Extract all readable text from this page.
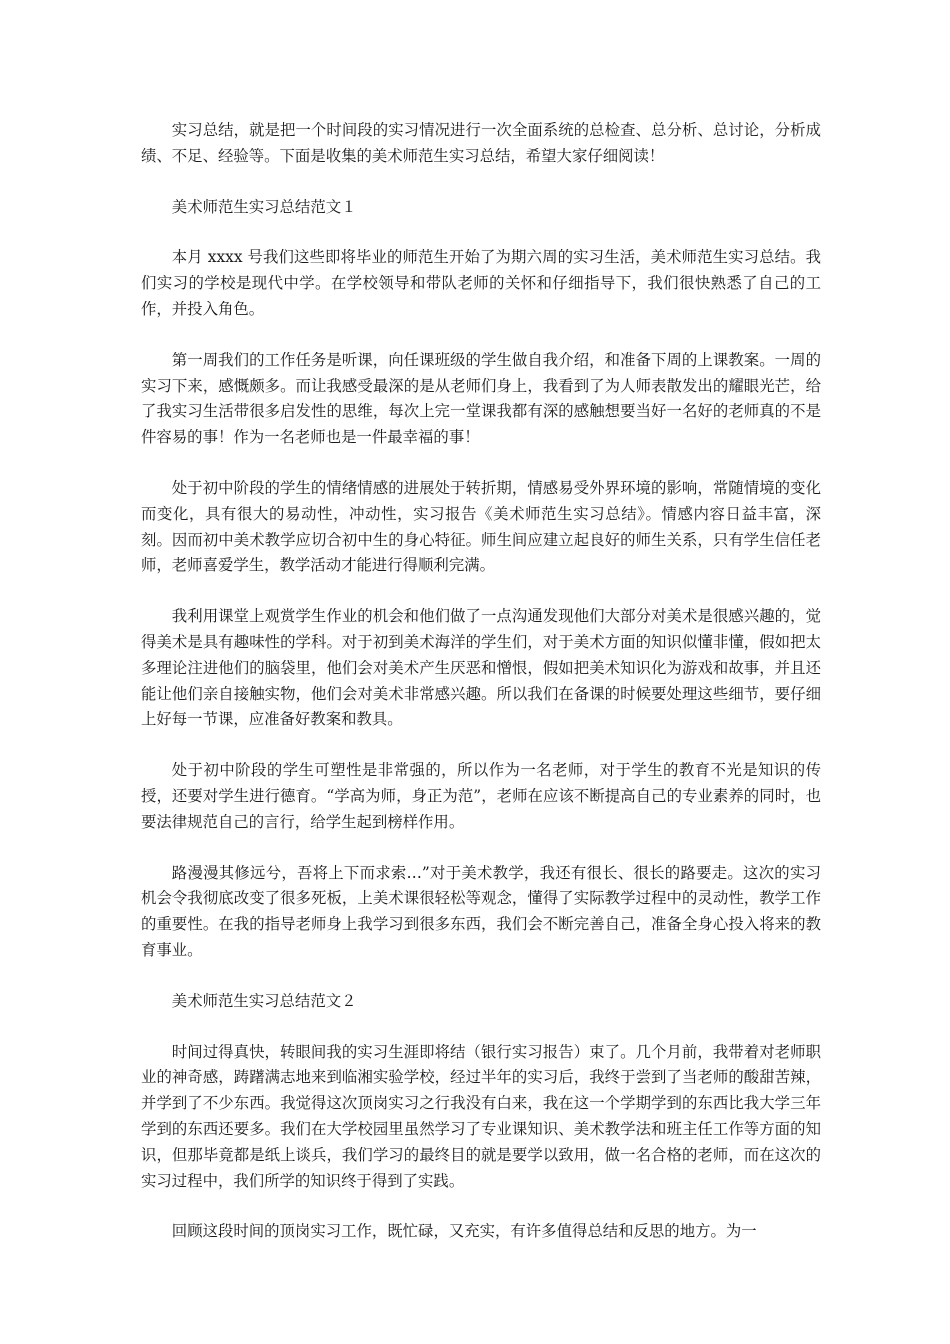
实习总结，就是把一个时间段的实习情况进行一次全面系统的总检查、总分析、总讨论，分析成绩、不足、经验等。下面是收集的美术师范生实习总结，希望大家仔细阅读！

美术师范生实习总结范文１

本月 xxxx 号我们这些即将毕业的师范生开始了为期六周的实习生活，美术师范生实习总结。我们实习的学校是现代中学。在学校领导和带队老师的关怀和仔细指导下，我们很快熟悉了自己的工作，并投入角色。

第一周我们的工作任务是听课，向任课班级的学生做自我介绍，和准备下周的上课教案。一周的实习下来，感慨颇多。而让我感受最深的是从老师们身上，我看到了为人师表散发出的耀眼光芒，给了我实习生活带很多启发性的思维，每次上完一堂课我都有深的感触想要当好一名好的老师真的不是件容易的事！作为一名老师也是一件最幸福的事！

处于初中阶段的学生的情绪情感的进展处于转折期，情感易受外界环境的影响，常随情境的变化而变化，具有很大的易动性，冲动性，实习报告《美术师范生实习总结》。情感内容日益丰富，深刻。因而初中美术教学应切合初中生的身心特征。师生间应建立起良好的师生关系，只有学生信任老师，老师喜爱学生，教学活动才能进行得顺利完满。

我利用课堂上观赏学生作业的机会和他们做了一点沟通发现他们大部分对美术是很感兴趣的，觉得美术是具有趣味性的学科。对于初到美术海洋的学生们，对于美术方面的知识似懂非懂，假如把太多理论注进他们的脑袋里，他们会对美术产生厌恶和憎恨，假如把美术知识化为游戏和故事，并且还能让他们亲自接触实物，他们会对美术非常感兴趣。所以我们在备课的时候要处理这些细节，要仔细上好每一节课，应准备好教案和教具。

处于初中阶段的学生可塑性是非常强的，所以作为一名老师，对于学生的教育不光是知识的传授，还要对学生进行德育。“学高为师，身正为范”，老师在应该不断提高自己的专业素养的同时，也要法律规范自己的言行，给学生起到榜样作用。

路漫漫其修远兮，吾将上下而求索…”对于美术教学，我还有很长、很长的路要走。这次的实习机会令我彻底改变了很多死板，上美术课很轻松等观念，懂得了实际教学过程中的灵动性，教学工作的重要性。在我的指导老师身上我学习到很多东西，我们会不断完善自己，准备全身心投入将来的教育事业。

美术师范生实习总结范文２

时间过得真快，转眼间我的实习生涯即将结（银行实习报告）束了。几个月前，我带着对老师职业的神奇感，踌躇满志地来到临湘实验学校，经过半年的实习后，我终于尝到了当老师的酸甜苦辣，并学到了不少东西。我觉得这次顶岗实习之行我没有白来，我在这一个学期学到的东西比我大学三年学到的东西还要多。我们在大学校园里虽然学习了专业课知识、美术教学法和班主任工作等方面的知识，但那毕竟都是纸上谈兵，我们学习的最终目的就是要学以致用，做一名合格的老师，而在这次的实习过程中，我们所学的知识终于得到了实践。

回顾这段时间的顶岗实习工作，既忙碌，又充实，有许多值得总结和反思的地方。为一
